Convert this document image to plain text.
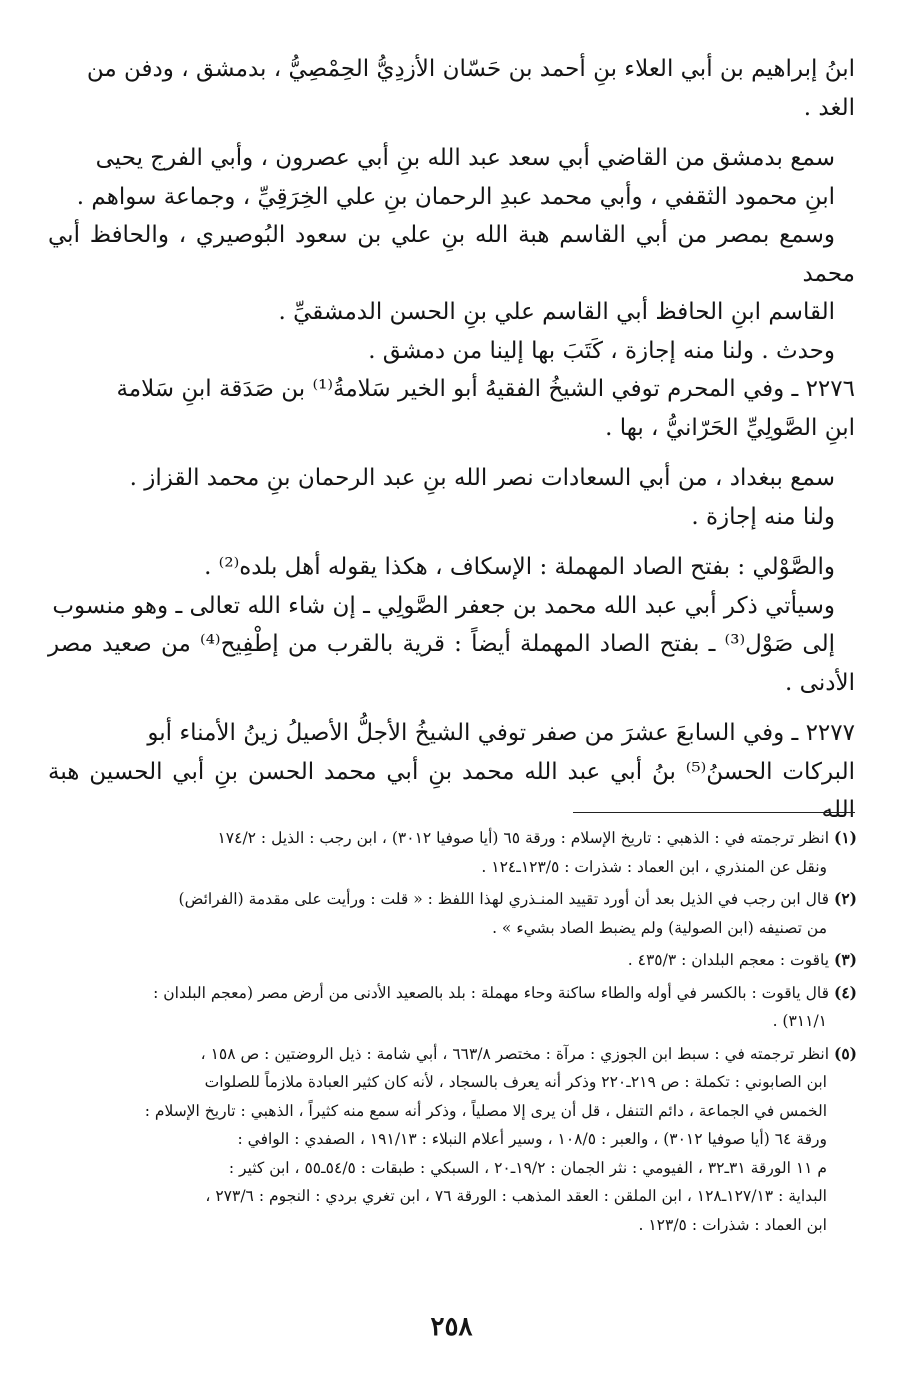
ابنُ إبراهيم بن أبي العلاء بنِ أحمد بن حَسّان الأزدِيُّ الحِمْصِيُّ ، بدمشق ، ودفن من
الغد .

سمع بدمشق من القاضي أبي سعد عبد الله بنِ أبي عصرون ، وأبي الفرج يحيى
ابنِ محمود الثقفي ، وأبي محمد عبدِ الرحمان بنِ علي الخِرَقِيِّ ، وجماعة سواهم .
وسمع بمصر من أبي القاسم هبة الله بنِ علي بن سعود البُوصيري ، والحافظ أبي محمد
القاسم ابنِ الحافظ أبي القاسم علي بنِ الحسن الدمشقيِّ .

وحدث . ولنا منه إجازة ، كَتَبَ بها إلينا من دمشق .

٢٢٧٦ ـ وفي المحرم توفي الشيخُ الفقيهُ أبو الخير سَلامةُ⁽¹⁾ بن صَدَقة ابنِ سَلامة
ابنِ الصَّولِيِّ الحَرّانيُّ ، بها .

سمع ببغداد ، من أبي السعادات نصر الله بنِ عبد الرحمان بنِ محمد القزاز .
ولنا منه إجازة .

والصَّوْلي : بفتح الصاد المهملة : الإسكاف ، هكذا يقوله أهل بلده⁽²⁾ .
وسيأتي ذكر أبي عبد الله محمد بن جعفر الصَّولِي ـ إن شاء الله تعالى ـ وهو منسوب
إلى صَوْل⁽³⁾ ـ بفتح الصاد المهملة أيضاً : قرية بالقرب من إطْفِيح⁽⁴⁾ من صعيد مصر الأدنى .

٢٢٧٧ ـ وفي السابعَ عشرَ من صفر توفي الشيخُ الأجلُّ الأصيلُ زينُ الأمناء أبو
البركات الحسنُ⁽⁵⁾ بنُ أبي عبد الله محمد بنِ أبي محمد الحسن بنِ أبي الحسين هبة الله

(١) انظر ترجمته في : الذهبي : تاريخ الإسلام : ورقة ٦٥ (أيا صوفيا ٣٠١٢) ، ابن رجب : الذيل : ١٧٤/٢
ونقل عن المنذري ، ابن العماد : شذرات : ١٢٣/٥ـ١٢٤ .
(٢) قال ابن رجب في الذيل بعد أن أورد تقييد المنـذري لهذا اللفظ : « قلت : ورأيت على مقدمة (الفرائض)
من تصنيفه (ابن الصولية) ولم يضبط الصاد بشيء » .
(٣) ياقوت : معجم البلدان : ٤٣٥/٣ .
(٤) قال ياقوت : بالكسر في أوله والطاء ساكنة وحاء مهملة : بلد بالصعيد الأدنى من أرض مصر (معجم البلدان :
٣١١/١) .
(٥) انظر ترجمته في : سبط ابن الجوزي : مرآة : مختصر ٦٦٣/٨ ، أبي شامة : ذيل الروضتين : ص ١٥٨ ،
ابن الصابوني : تكملة : ص ٢١٩ـ٢٢٠ وذكر أنه يعرف بالسجاد ، لأنه كان كثير العبادة ملازماً للصلوات
الخمس في الجماعة ، دائم التنفل ، قل أن يرى إلا مصلياً ، وذكر أنه سمع منه كثيراً ، الذهبي : تاريخ الإسلام :
ورقة ٦٤ (أيا صوفيا ٣٠١٢) ، والعبر : ١٠٨/٥ ، وسير أعلام النبلاء : ١٩١/١٣ ، الصفدي : الوافي :
م ١١ الورقة ٣١ـ٣٢ ، الفيومي : نثر الجمان : ١٩/٢ـ٢٠ ، السبكي : طبقات : ٥٤/٥ـ٥٥ ، ابن كثير :
البداية : ١٢٧/١٣ـ١٢٨ ، ابن الملقن : العقد المذهب : الورقة ٧٦ ، ابن تغري بردي : النجوم : ٢٧٣/٦ ،
ابن العماد : شذرات : ١٢٣/٥ .
٢٥٨
